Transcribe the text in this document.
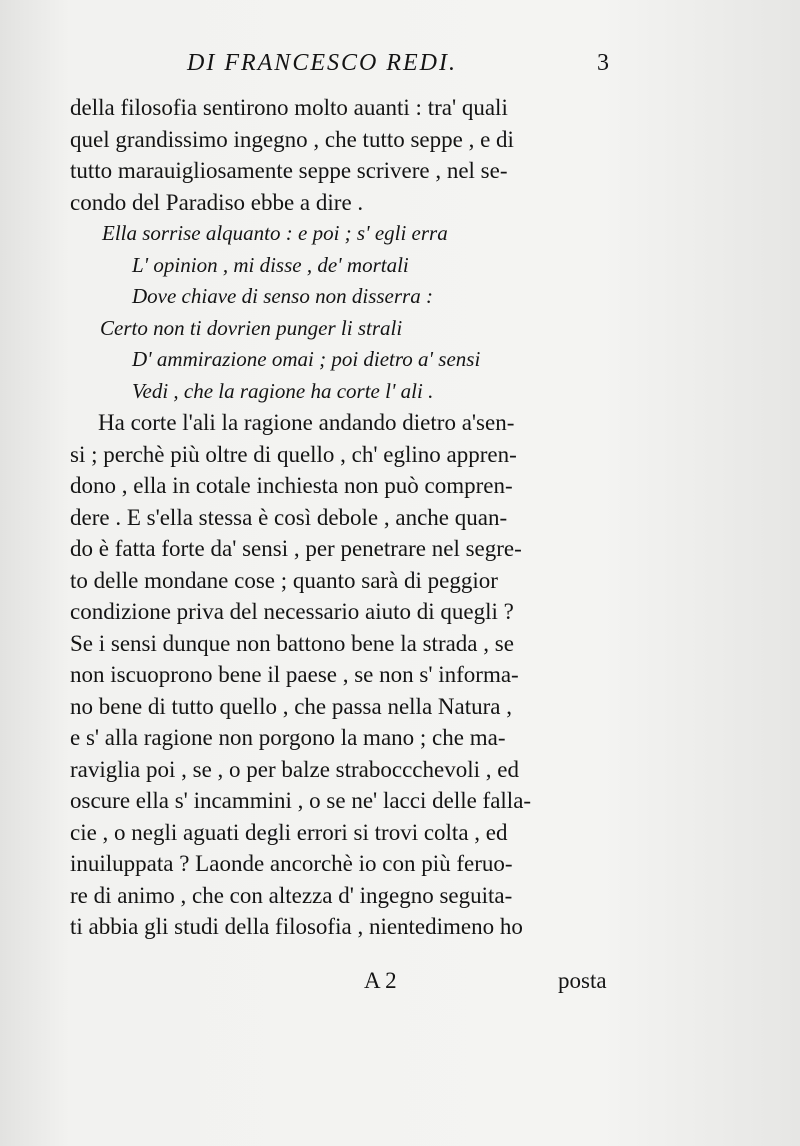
DI FRANCESCO REDI.	3
della filosofia sentirono molto auanti : tra' quali
quel grandissimo ingegno , che tutto seppe , e di
tutto marauigliosamente seppe scrivere , nel se-
condo del Paradiso ebbe a dire .
Ella sorrise alquanto : e poi ; s' egli erra
L' opinion , mi disse , de' mortali
Dove chiave di senso non disserra :
Certo non ti dovrien punger li strali
D' ammirazione omai ; poi dietro a' sensi
Vedi , che la ragione ha corte l' ali .
Ha corte l'ali la ragione andando dietro a'sen-
si ; perchè più oltre di quello , ch' eglino appren-
dono , ella in cotale inchiesta non può compren-
dere . E s'ella stessa è così debole , anche quan-
do è fatta forte da' sensi , per penetrare nel segre-
to delle mondane cose ; quanto sarà di peggior
condizione priva del necessario aiuto di quegli ?
Se i sensi dunque non battono bene la strada , se
non iscuoprono bene il paese , se non s' informa-
no bene di tutto quello , che passa nella Natura ,
e s' alla ragione non porgono la mano ; che ma-
raviglia poi , se , o per balze straboccchevoli , ed
oscure ella s' incammini , o se ne' lacci delle falla-
cie , o negli aguati degli errori si trovi colta , ed
inuiluppata ? Laonde ancorchè io con più feruo-
re di animo , che con altezza d' ingegno seguita-
ti abbia gli studi della filosofia , nientedimeno ho
A 2	posta
